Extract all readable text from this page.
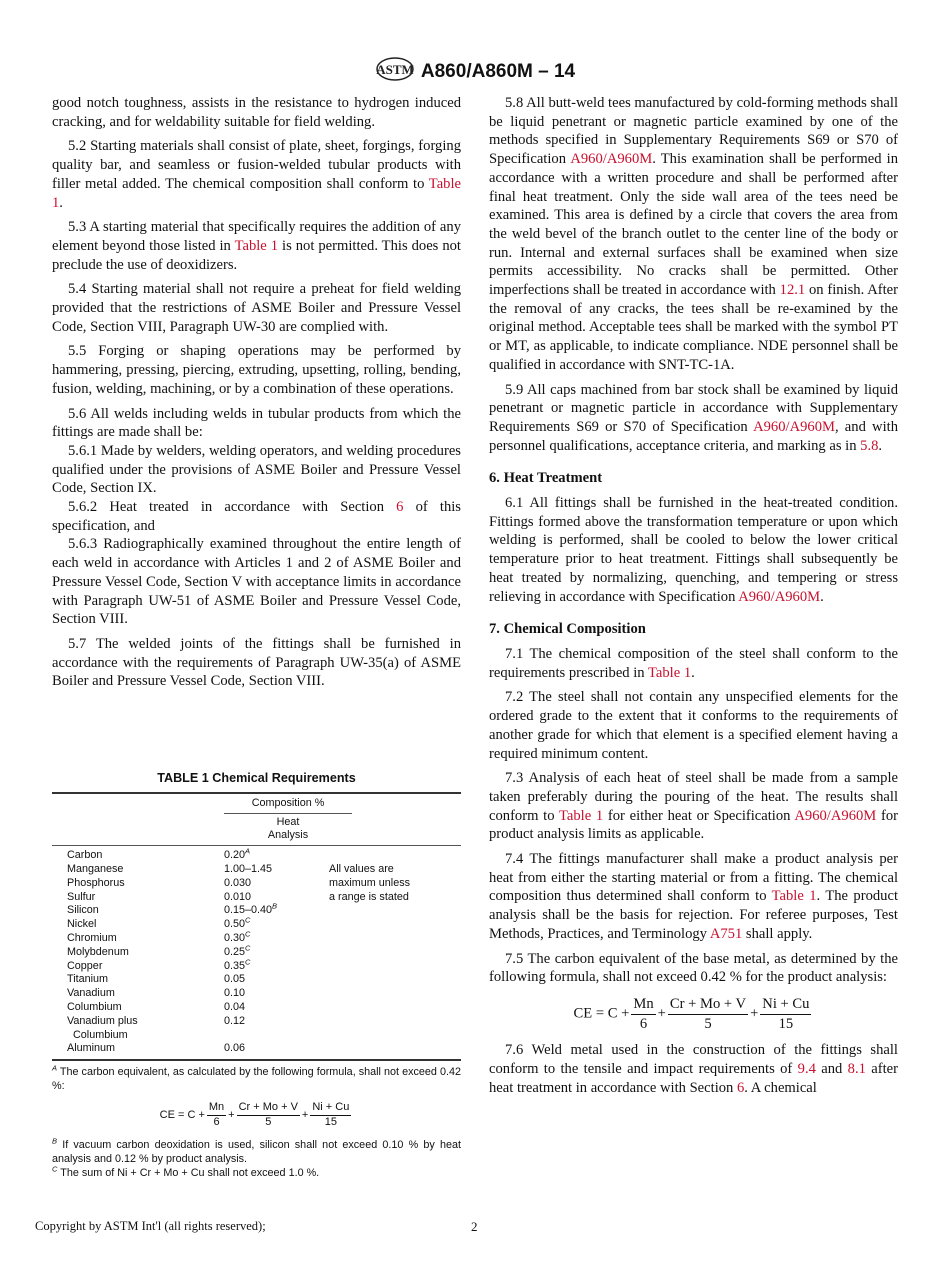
ASTM A860/A860M – 14

good notch toughness, assists in the resistance to hydrogen induced cracking, and for weldability suitable for field welding.

5.2 Starting materials shall consist of plate, sheet, forgings, forging quality bar, and seamless or fusion-welded tubular products with filler metal added. The chemical composition shall conform to Table 1.

5.3 A starting material that specifically requires the addition of any element beyond those listed in Table 1 is not permitted. This does not preclude the use of deoxidizers.

5.4 Starting material shall not require a preheat for field welding provided that the restrictions of ASME Boiler and Pressure Vessel Code, Section VIII, Paragraph UW-30 are complied with.

5.5 Forging or shaping operations may be performed by hammering, pressing, piercing, extruding, upsetting, rolling, bending, fusion, welding, machining, or by a combination of these operations.

5.6 All welds including welds in tubular products from which the fittings are made shall be:

5.6.1 Made by welders, welding operators, and welding procedures qualified under the provisions of ASME Boiler and Pressure Vessel Code, Section IX.

5.6.2 Heat treated in accordance with Section 6 of this specification, and

5.6.3 Radiographically examined throughout the entire length of each weld in accordance with Articles 1 and 2 of ASME Boiler and Pressure Vessel Code, Section V with acceptance limits in accordance with Paragraph UW-51 of ASME Boiler and Pressure Vessel Code, Section VIII.

5.7 The welded joints of the fittings shall be furnished in accordance with the requirements of Paragraph UW-35(a) of ASME Boiler and Pressure Vessel Code, Section VIII.

5.8 All butt-weld tees manufactured by cold-forming methods shall be liquid penetrant or magnetic particle examined by one of the methods specified in Supplementary Requirements S69 or S70 of Specification A960/A960M. This examination shall be performed in accordance with a written procedure and shall be performed after final heat treatment. Only the side wall area of the tees need be examined. This area is defined by a circle that covers the area from the weld bevel of the branch outlet to the center line of the body or run. Internal and external surfaces shall be examined when size permits accessibility. No cracks shall be permitted. Other imperfections shall be treated in accordance with 12.1 on finish. After the removal of any cracks, the tees shall be re-examined by the original method. Acceptable tees shall be marked with the symbol PT or MT, as applicable, to indicate compliance. NDE personnel shall be qualified in accordance with SNT-TC-1A.

5.9 All caps machined from bar stock shall be examined by liquid penetrant or magnetic particle in accordance with Supplementary Requirements S69 or S70 of Specification A960/A960M, and with personnel qualifications, acceptance criteria, and marking as in 5.8.

6. Heat Treatment

6.1 All fittings shall be furnished in the heat-treated condition. Fittings formed above the transformation temperature or upon which welding is performed, shall be cooled to below the lower critical temperature prior to heat treatment. Fittings shall subsequently be heat treated by normalizing, quenching, and tempering or stress relieving in accordance with Specification A960/A960M.

7. Chemical Composition

7.1 The chemical composition of the steel shall conform to the requirements prescribed in Table 1.

7.2 The steel shall not contain any unspecified elements for the ordered grade to the extent that it conforms to the requirements of another grade for which that element is a specified element having a required minimum content.

7.3 Analysis of each heat of steel shall be made from a sample taken preferably during the pouring of the heat. The results shall conform to Table 1 for either heat or Specification A960/A960M for product analysis limits as applicable.

7.4 The fittings manufacturer shall make a product analysis per heat from either the starting material or from a fitting. The chemical composition thus determined shall conform to Table 1. The product analysis shall be the basis for rejection. For referee purposes, Test Methods, Practices, and Terminology A751 shall apply.

7.5 The carbon equivalent of the base metal, as determined by the following formula, shall not exceed 0.42 % for the product analysis:

CE = $C + \frac{Mn}{6} + \frac{Cr + Mo + V}{5} + \frac{Ni + Cu}{15}$

7.6 Weld metal used in the construction of the fittings shall conform to the tensile and impact requirements of 9.4 and 8.1 after heat treatment in accordance with Section 6. A chemical

TABLE 1 Chemical Requirements
Composition %
Heat
Analysis
Carbon	$0.20^A$
Manganese	1.00–1.45	All values are
Phosphorus	0.030	maximum unless
Sulfur	0.010	a range is stated
Silicon	$0.15-0.40^B$
Nickel	$0.50^C$
Chromium	$0.30^C$
Molybdenum	$0.25^C$
Copper	$0.35^C$
Titanium	0.05
Vanadium	0.10
Columbium	0.04
Vanadium plus	0.12
Columbium
Aluminum	0.06
$^A$ The carbon equivalent, as calculated by the following formula, shall not exceed 0.42 %:
CE = $C + \frac{Mn}{6} + \frac{Cr + Mo + V}{5} + \frac{Ni + Cu}{15}$
$^B$ If vacuum carbon deoxidation is used, silicon shall not exceed 0.10 % by heat analysis and 0.12 % by product analysis.
$^C$ The sum of Ni + Cr + Mo + Cu shall not exceed 1.0 %.
Copyright by ASTM Int'l (all rights reserved);	2
